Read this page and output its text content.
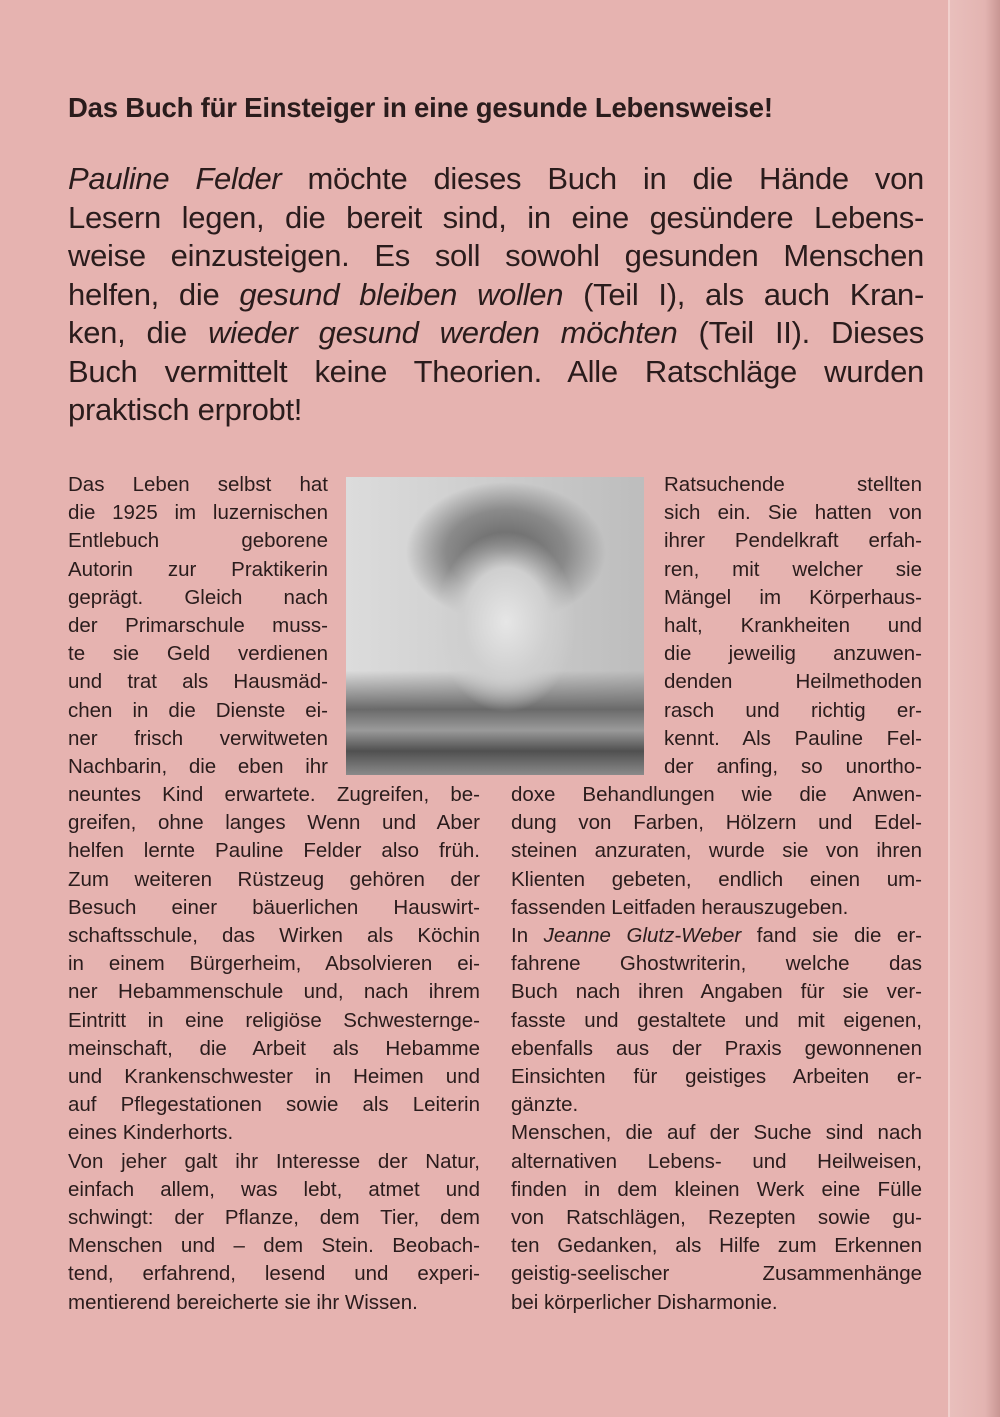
Das Buch für Einsteiger in eine gesunde Lebensweise!
Pauline Felder möchte dieses Buch in die Hände von
Lesern legen, die bereit sind, in eine gesündere Lebens-
weise einzusteigen. Es soll sowohl gesunden Menschen
helfen, die gesund bleiben wollen (Teil I), als auch Kran-
ken, die wieder gesund werden möchten (Teil II). Dieses
Buch vermittelt keine Theorien. Alle Ratschläge wurden
praktisch erprobt!
Das Leben selbst hat
die 1925 im luzernischen
Entlebuch geborene
Autorin zur Praktikerin
geprägt. Gleich nach
der Primarschule muss-
te sie Geld verdienen
und trat als Hausmäd-
chen in die Dienste ei-
ner frisch verwitweten
Nachbarin, die eben ihr
Ratsuchende stellten
sich ein. Sie hatten von
ihrer Pendelkraft erfah-
ren, mit welcher sie
Mängel im Körperhaus-
halt, Krankheiten und
die jeweilig anzuwen-
denden Heilmethoden
rasch und richtig er-
kennt. Als Pauline Fel-
der anfing, so unortho-
neuntes Kind erwartete. Zugreifen, be-
greifen, ohne langes Wenn und Aber
helfen lernte Pauline Felder also früh.
Zum weiteren Rüstzeug gehören der
Besuch einer bäuerlichen Hauswirt-
schaftsschule, das Wirken als Köchin
in einem Bürgerheim, Absolvieren ei-
ner Hebammenschule und, nach ihrem
Eintritt in eine religiöse Schwesternge-
meinschaft, die Arbeit als Hebamme
und Krankenschwester in Heimen und
auf Pflegestationen sowie als Leiterin
eines Kinderhorts.
Von jeher galt ihr Interesse der Natur,
einfach allem, was lebt, atmet und
schwingt: der Pflanze, dem Tier, dem
Menschen und – dem Stein. Beobach-
tend, erfahrend, lesend und experi-
mentierend bereicherte sie ihr Wissen.
doxe Behandlungen wie die Anwen-
dung von Farben, Hölzern und Edel-
steinen anzuraten, wurde sie von ihren
Klienten gebeten, endlich einen um-
fassenden Leitfaden herauszugeben.
In Jeanne Glutz-Weber fand sie die er-
fahrene Ghostwriterin, welche das
Buch nach ihren Angaben für sie ver-
fasste und gestaltete und mit eigenen,
ebenfalls aus der Praxis gewonnenen
Einsichten für geistiges Arbeiten er-
gänzte.
Menschen, die auf der Suche sind nach
alternativen Lebens- und Heilweisen,
finden in dem kleinen Werk eine Fülle
von Ratschlägen, Rezepten sowie gu-
ten Gedanken, als Hilfe zum Erkennen
geistig-seelischer Zusammenhänge
bei körperlicher Disharmonie.
